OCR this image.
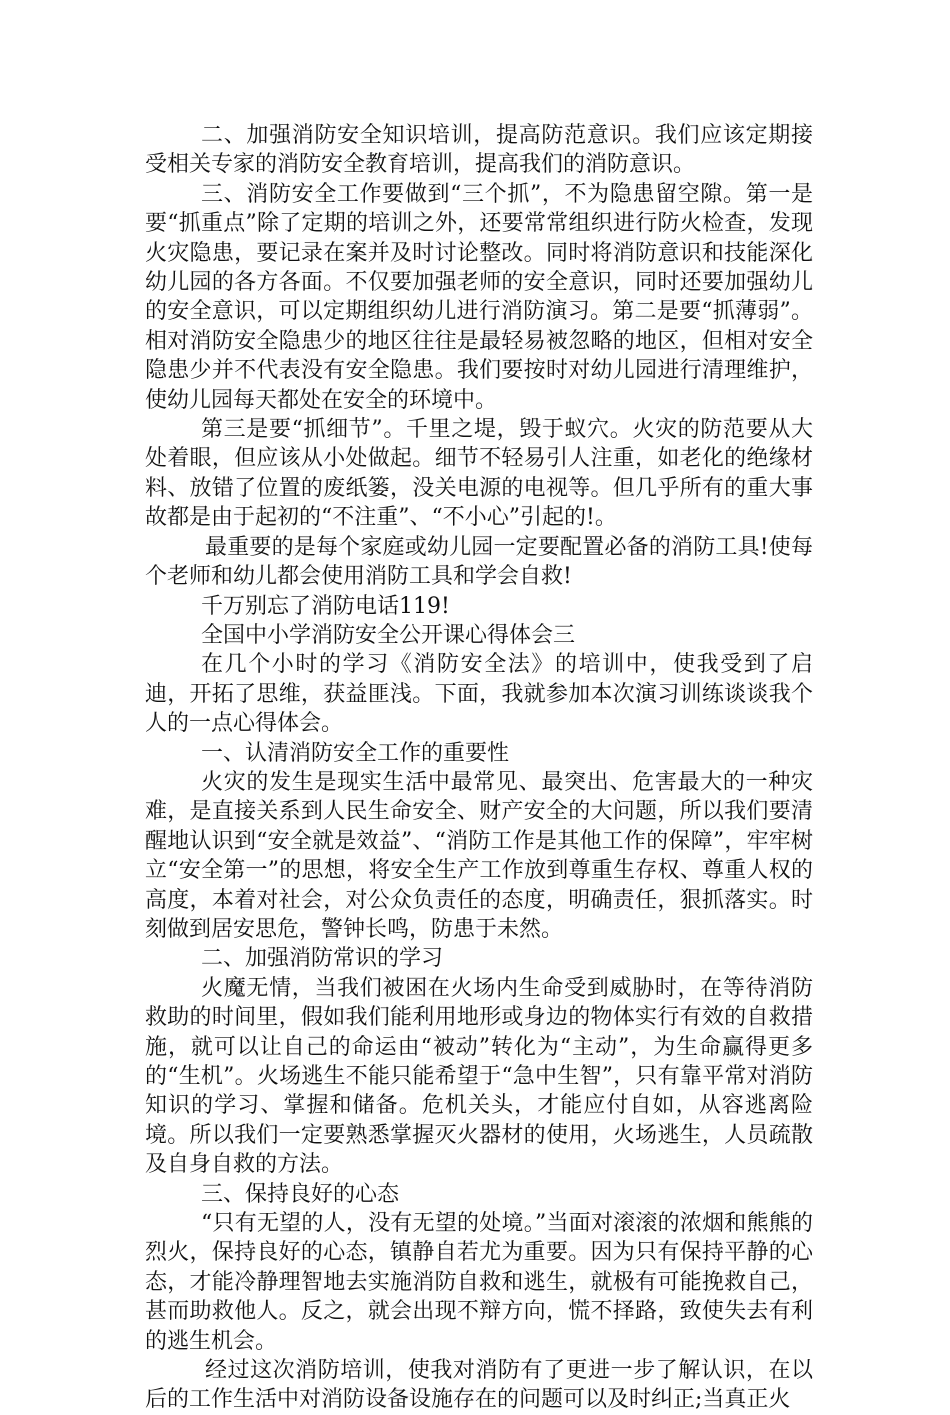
二、加强消防安全知识培训，提高防范意识。我们应该定期接受相关专家的消防安全教育培训，提高我们的消防意识。

三、消防安全工作要做到“三个抓”，不为隐患留空隙。第一是要“抓重点”除了定期的培训之外，还要常常组织进行防火检查，发现火灾隐患，要记录在案并及时讨论整改。同时将消防意识和技能深化幼儿园的各方各面。不仅要加强老师的安全意识，同时还要加强幼儿的安全意识，可以定期组织幼儿进行消防演习。第二是要“抓薄弱”。相对消防安全隐患少的地区往往是最轻易被忽略的地区，但相对安全隐患少并不代表没有安全隐患。我们要按时对幼儿园进行清理维护，使幼儿园每天都处在安全的环境中。

第三是要“抓细节”。千里之堤，毁于蚁穴。火灾的防范要从大处着眼，但应该从小处做起。细节不轻易引人注重，如老化的绝缘材料、放错了位置的废纸篓，没关电源的电视等。但几乎所有的重大事故都是由于起初的“不注重”、“不小心”引起的!。

最重要的是每个家庭或幼儿园一定要配置必备的消防工具!使每个老师和幼儿都会使用消防工具和学会自救!

千万别忘了消防电话119!

全国中小学消防安全公开课心得体会三

在几个小时的学习《消防安全法》的培训中，使我受到了启迪，开拓了思维，获益匪浅。下面，我就参加本次演习训练谈谈我个人的一点心得体会。

一、认清消防安全工作的重要性

火灾的发生是现实生活中最常见、最突出、危害最大的一种灾难，是直接关系到人民生命安全、财产安全的大问题，所以我们要清醒地认识到“安全就是效益”、“消防工作是其他工作的保障”，牢牢树立“安全第一”的思想，将安全生产工作放到尊重生存权、尊重人权的高度，本着对社会，对公众负责任的态度，明确责任，狠抓落实。时刻做到居安思危，警钟长鸣，防患于未然。

二、加强消防常识的学习

火魔无情，当我们被困在火场内生命受到威胁时，在等待消防救助的时间里，假如我们能利用地形或身边的物体实行有效的自救措施，就可以让自己的命运由“被动”转化为“主动”，为生命赢得更多的“生机”。火场逃生不能只能希望于“急中生智”，只有靠平常对消防知识的学习、掌握和储备。危机关头，才能应付自如，从容逃离险境。所以我们一定要熟悉掌握灭火器材的使用，火场逃生，人员疏散及自身自救的方法。

三、保持良好的心态

“只有无望的人，没有无望的处境。”当面对滚滚的浓烟和熊熊的烈火，保持良好的心态，镇静自若尤为重要。因为只有保持平静的心态，才能冷静理智地去实施消防自救和逃生，就极有可能挽救自己，甚而助救他人。反之，就会出现不辩方向，慌不择路，致使失去有利的逃生机会。

经过这次消防培训，使我对消防有了更进一步了解认识，在以后的工作生活中对消防设备设施存在的问题可以及时纠正;当真正火
